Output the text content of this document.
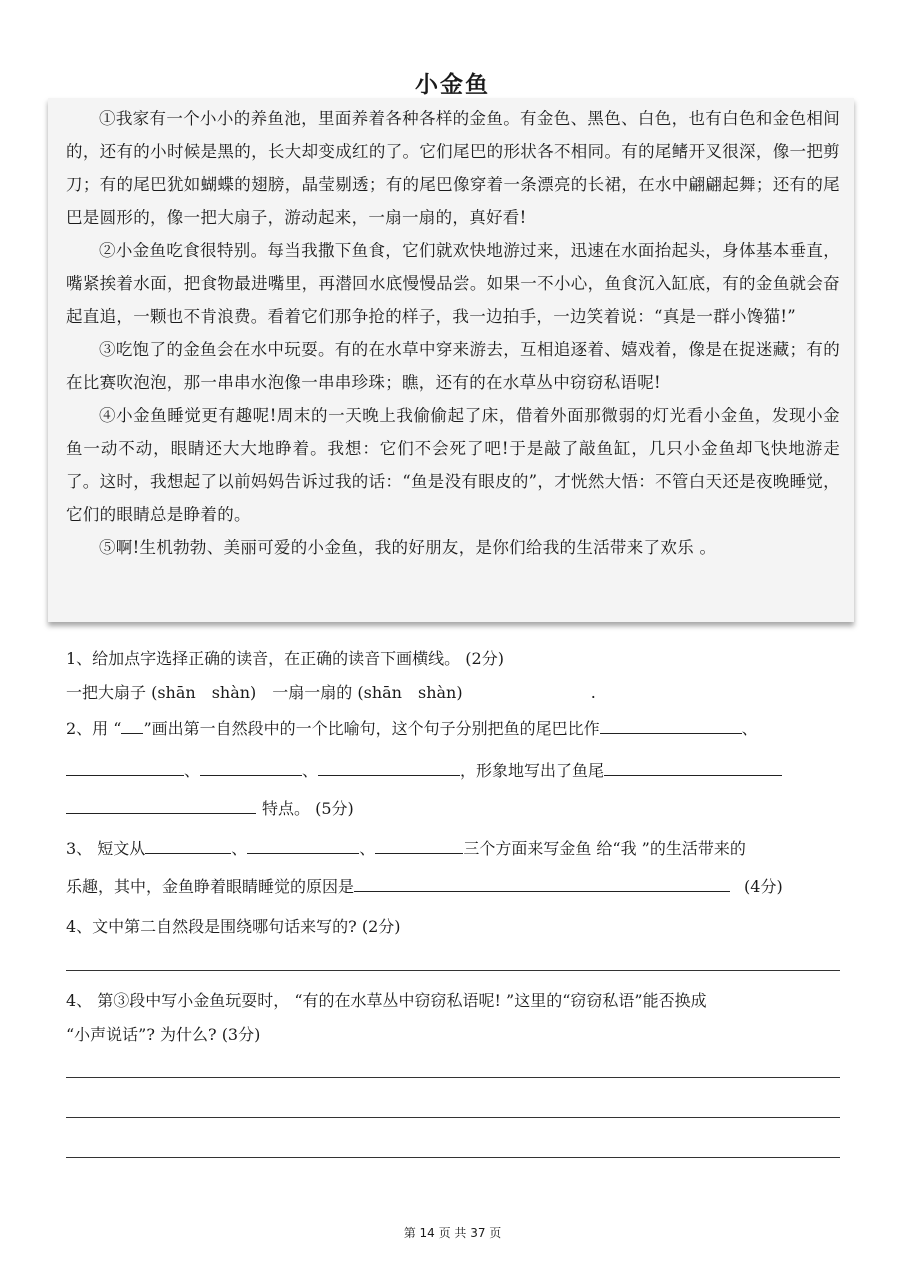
小金鱼

①我家有一个小小的养鱼池，里面养着各种各样的金鱼。有金色、黑色、白色，也有白色和金色相间的，还有的小时候是黑的，长大却变成红的了。它们尾巴的形状各不相同。有的尾鳍开叉很深，像一把剪刀；有的尾巴犹如蝴蝶的翅膀，晶莹剔透；有的尾巴像穿着一条漂亮的长裙，在水中翩翩起舞；还有的尾巴是圆形的，像一把大扇子，游动起来，一扇一扇的，真好看!

②小金鱼吃食很特别。每当我撒下鱼食，它们就欢快地游过来，迅速在水面抬起头，身体基本垂直，嘴紧挨着水面，把食物最进嘴里，再潜回水底慢慢品尝。如果一不小心，鱼食沉入缸底，有的金鱼就会奋起直追，一颗也不肯浪费。看着它们那争抢的样子，我一边拍手，一边笑着说：“真是一群小馋猫!”

③吃饱了的金鱼会在水中玩耍。有的在水草中穿来游去，互相追逐着、嬉戏着，像是在捉迷藏；有的在比赛吹泡泡，那一串串水泡像一串串珍珠；瞧，还有的在水草丛中窃窃私语呢!

④小金鱼睡觉更有趣呢!周末的一天晚上我偷偷起了床，借着外面那微弱的灯光看小金鱼，发现小金鱼一动不动，眼睛还大大地睁着。我想：它们不会死了吧!于是敲了敲鱼缸，几只小金鱼却飞快地游走了。这时，我想起了以前妈妈告诉过我的话：“鱼是没有眼皮的”，才恍然大悟：不管白天还是夜晚睡觉，它们的眼睛总是睁着的。

⑤啊!生机勃勃、美丽可爱的小金鱼，我的好朋友，是你们给我的生活带来了欢乐 。

1、给加点字选择正确的读音，在正确的读音下画横线。 (2分)
一把大扇子 (shān　shàn)　一扇一扇的 (shān　shàn)	.
2、用 “ ”画出第一自然段中的一个比喻句，这个句子分别把鱼的尾巴比作	、
、	、	，形象地写出了鱼尾
特点。 (5分)
3、 短文从	、	、	三个方面来写金鱼 给“我 ”的生活带来的
乐趣，其中，金鱼睁着眼睛睡觉的原因是	(4分)
4、文中第二自然段是围绕哪句话来写的? (2分)
4、 第③段中写小金鱼玩耍时， “有的在水草丛中窃窃私语呢! ”这里的“窃窃私语”能否换成
“小声说话”? 为什么? (3分)
第 14 页 共 37 页
